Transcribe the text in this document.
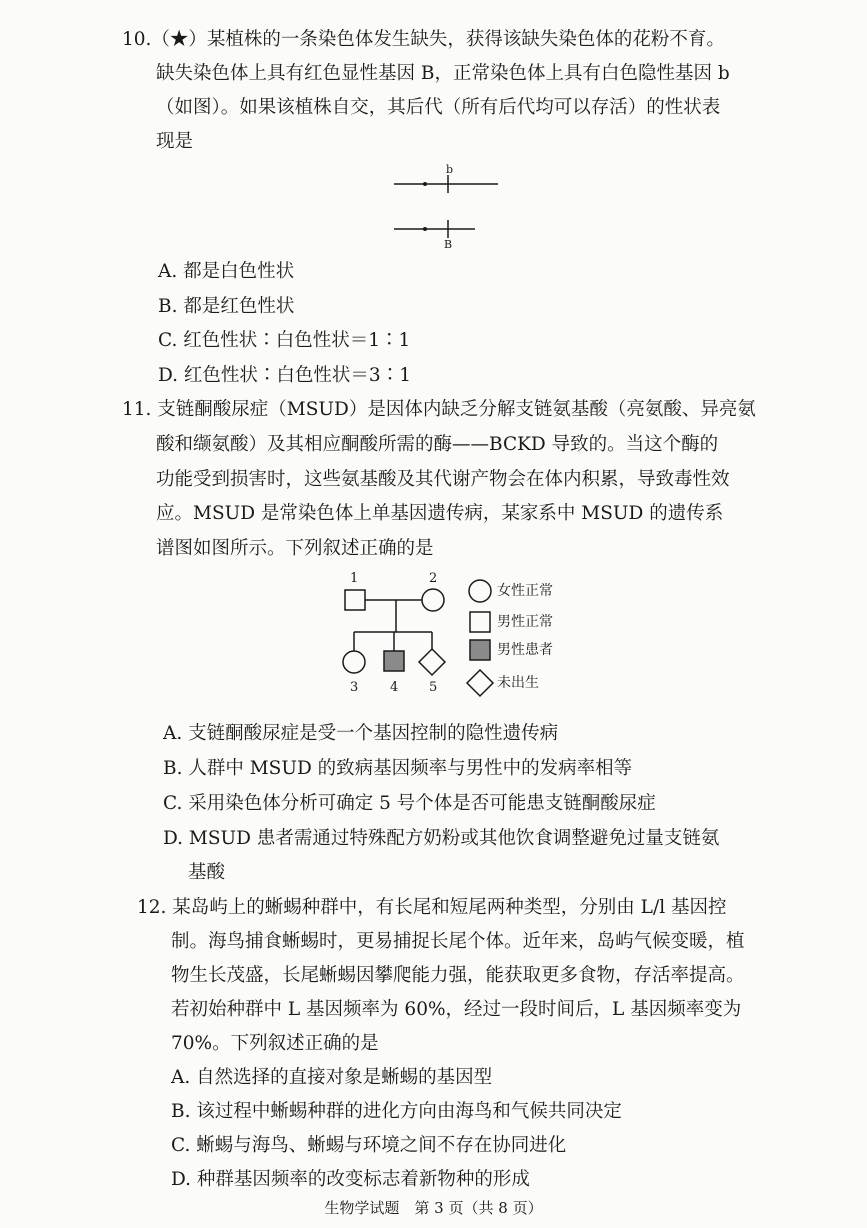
10.（★）某植株的一条染色体发生缺失，获得该缺失染色体的花粉不育。
缺失染色体上具有红色显性基因 B，正常染色体上具有白色隐性基因 b
（如图）。如果该植株自交，其后代（所有后代均可以存活）的性状表
现是
b
B
A. 都是白色性状
B. 都是红色性状
C. 红色性状∶白色性状＝1∶1
D. 红色性状∶白色性状＝3∶1
11. 支链酮酸尿症（MSUD）是因体内缺乏分解支链氨基酸（亮氨酸、异亮氨
酸和缬氨酸）及其相应酮酸所需的酶——BCKD 导致的。当这个酶的
功能受到损害时，这些氨基酸及其代谢产物会在体内积累，导致毒性效
应。MSUD 是常染色体上单基因遗传病，某家系中 MSUD 的遗传系
谱图如图所示。下列叙述正确的是
1	2
3 4 5
女性正常
男性正常
男性患者
未出生
A. 支链酮酸尿症是受一个基因控制的隐性遗传病
B. 人群中 MSUD 的致病基因频率与男性中的发病率相等
C. 采用染色体分析可确定 5 号个体是否可能患支链酮酸尿症
D. MSUD 患者需通过特殊配方奶粉或其他饮食调整避免过量支链氨
基酸
12. 某岛屿上的蜥蜴种群中，有长尾和短尾两种类型，分别由 L/l 基因控
制。海鸟捕食蜥蜴时，更易捕捉长尾个体。近年来，岛屿气候变暖，植
物生长茂盛，长尾蜥蜴因攀爬能力强，能获取更多食物，存活率提高。
若初始种群中 L 基因频率为 60%，经过一段时间后，L 基因频率变为
70%。下列叙述正确的是
A. 自然选择的直接对象是蜥蜴的基因型
B. 该过程中蜥蜴种群的进化方向由海鸟和气候共同决定
C. 蜥蜴与海鸟、蜥蜴与环境之间不存在协同进化
D. 种群基因频率的改变标志着新物种的形成
生物学试题　第 3 页（共 8 页）
